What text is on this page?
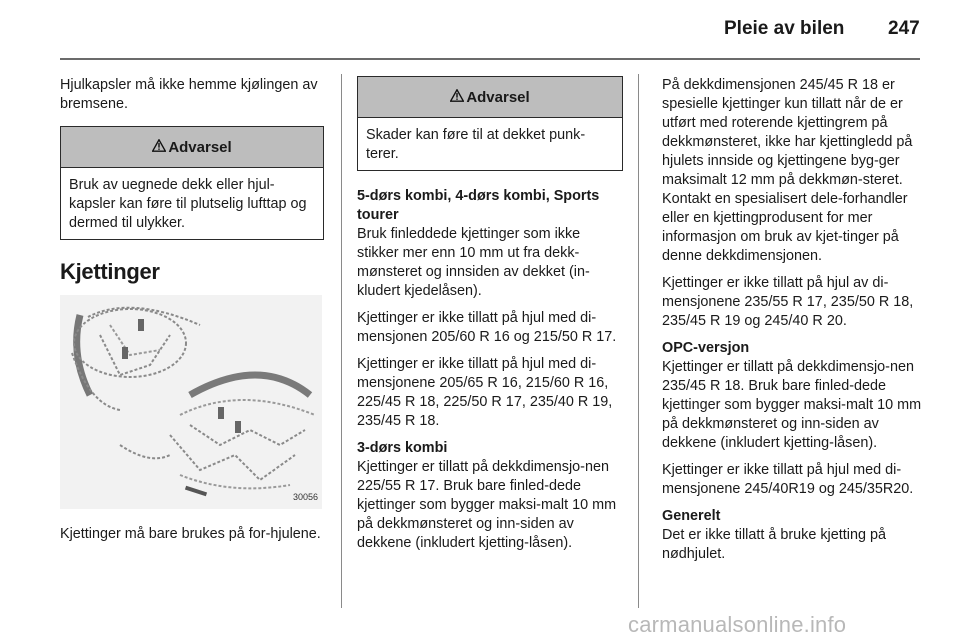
Pleie av bilen 247

Hjulkapsler må ikke hemme kjølingen av bremsene.

Advarsel
Bruk av uegnede dekk eller hjul-kapsler kan føre til plutselig lufttap og dermed til ulykker.
Kjettinger
30056

Kjettinger må bare brukes på for-hjulene.

Advarsel
Skader kan føre til at dekket punk-terer.

5-dørs kombi, 4-dørs kombi, Sports tourer
Bruk finleddede kjettinger som ikke stikker mer enn 10 mm ut fra dekk-mønsteret og innsiden av dekket (in-kludert kjedelåsen).

Kjettinger er ikke tillatt på hjul med di-mensjonen 205/60 R 16 og 215/50 R 17.

Kjettinger er ikke tillatt på hjul med di-mensjonene 205/65 R 16, 215/60 R 16, 225/45 R 18, 225/50 R 17, 235/40 R 19, 235/45 R 18.

3-dørs kombi
Kjettinger er tillatt på dekkdimensjo-nen 225/55 R 17. Bruk bare finled-dede kjettinger som bygger maksi-malt 10 mm på dekkmønsteret og inn-siden av dekkene (inkludert kjetting-låsen).

På dekkdimensjonen 245/45 R 18 er spesielle kjettinger kun tillatt når de er utført med roterende kjettingrem på dekkmønsteret, ikke har kjettingledd på hjulets innside og kjettingene byg-ger maksimalt 12 mm på dekkmøn-steret. Kontakt en spesialisert dele-forhandler eller en kjettingprodusent for mer informasjon om bruk av kjet-tinger på denne dekkdimensjonen.

Kjettinger er ikke tillatt på hjul av di-mensjonene 235/55 R 17, 235/50 R 18, 235/45 R 19 og 245/40 R 20.

OPC-versjon
Kjettinger er tillatt på dekkdimensjo-nen 235/45 R 18. Bruk bare finled-dede kjettinger som bygger maksi-malt 10 mm på dekkmønsteret og inn-siden av dekkene (inkludert kjetting-låsen).

Kjettinger er ikke tillatt på hjul med di-mensjonene 245/40R19 og 245/35R20.

Generelt
Det er ikke tillatt å bruke kjetting på nødhjulet.

carmanualsonline.info
